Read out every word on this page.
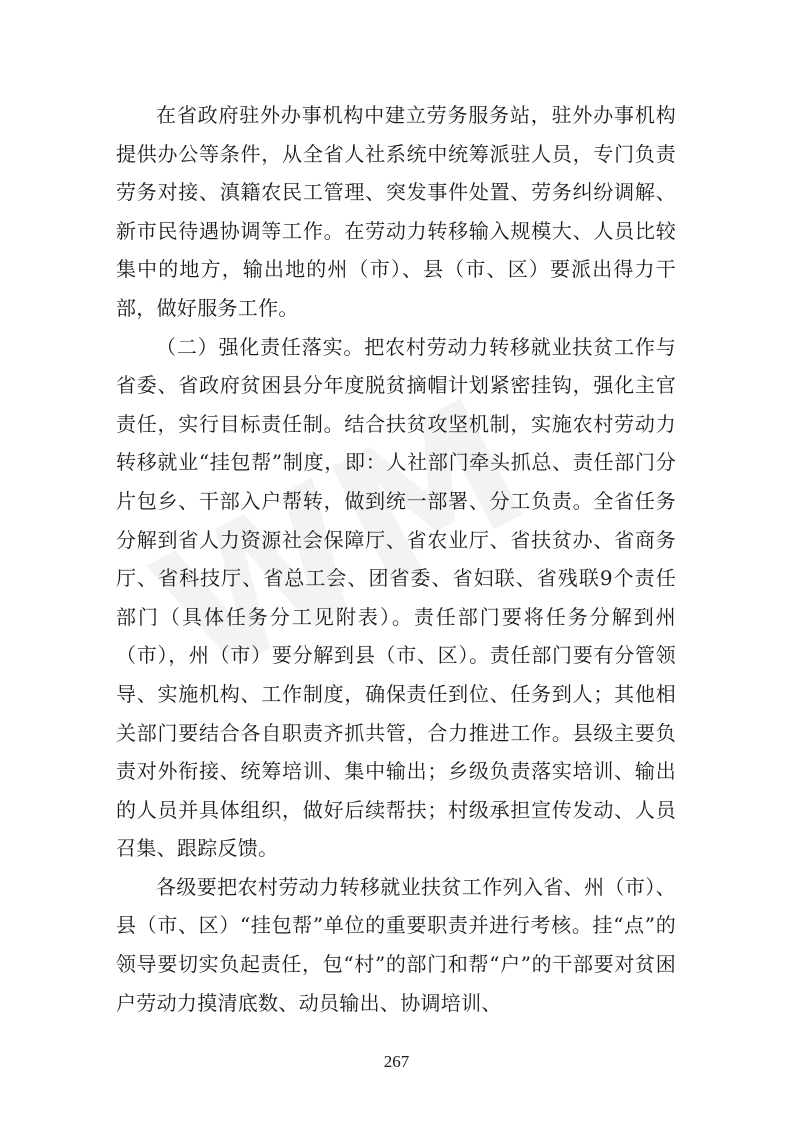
在省政府驻外办事机构中建立劳务服务站，驻外办事机构提供办公等条件，从全省人社系统中统筹派驻人员，专门负责劳务对接、滇籍农民工管理、突发事件处置、劳务纠纷调解、新市民待遇协调等工作。在劳动力转移输入规模大、人员比较集中的地方，输出地的州（市）、县（市、区）要派出得力干部，做好服务工作。

（二）强化责任落实。把农村劳动力转移就业扶贫工作与省委、省政府贫困县分年度脱贫摘帽计划紧密挂钩，强化主官责任，实行目标责任制。结合扶贫攻坚机制，实施农村劳动力转移就业“挂包帮”制度，即：人社部门牵头抓总、责任部门分片包乡、干部入户帮转，做到统一部署、分工负责。全省任务分解到省人力资源社会保障厅、省农业厅、省扶贫办、省商务厅、省科技厅、省总工会、团省委、省妇联、省残联9个责任部门（具体任务分工见附表）。责任部门要将任务分解到州（市），州（市）要分解到县（市、区）。责任部门要有分管领导、实施机构、工作制度，确保责任到位、任务到人；其他相关部门要结合各自职责齐抓共管，合力推进工作。县级主要负责对外衔接、统筹培训、集中输出；乡级负责落实培训、输出的人员并具体组织，做好后续帮扶；村级承担宣传发动、人员召集、跟踪反馈。

各级要把农村劳动力转移就业扶贫工作列入省、州（市）、县（市、区）“挂包帮”单位的重要职责并进行考核。挂“点”的领导要切实负起责任，包“村”的部门和帮“户”的干部要对贫困户劳动力摸清底数、动员输出、协调培训、

267
